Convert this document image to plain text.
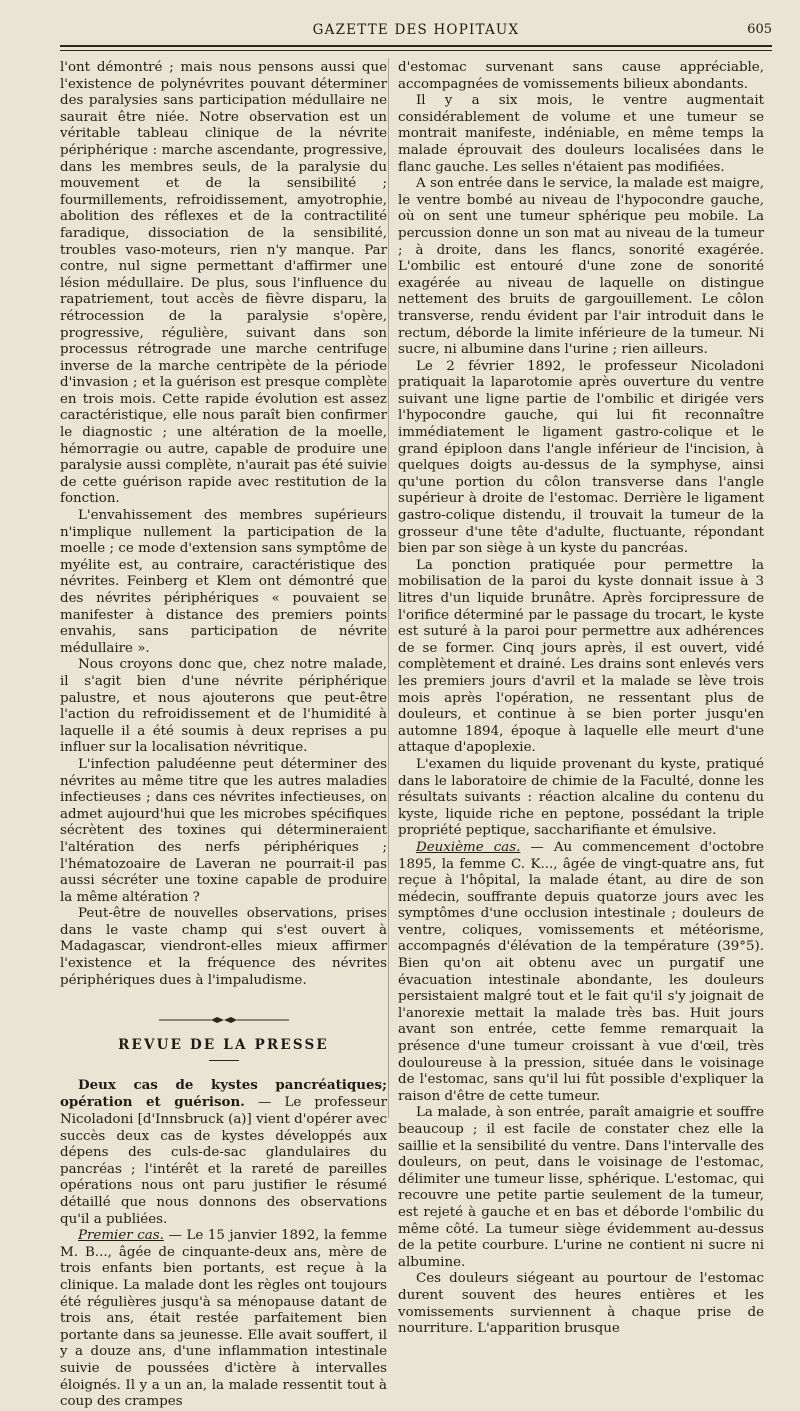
GAZETTE DES HOPITAUX	605

l'ont démontré ; mais nous pensons aussi que l'existence de polynévrites pouvant déterminer des paralysies sans participation médullaire ne saurait être niée. Notre observation est un véritable tableau clinique de la névrite périphérique : marche ascendante, progressive, dans les membres seuls, de la paralysie du mouvement et de la sensibilité ; fourmillements, refroidissement, amyotrophie, abolition des réflexes et de la contractilité faradique, dissociation de la sensibilité, troubles vaso-moteurs, rien n'y manque. Par contre, nul signe permettant d'affirmer une lésion médullaire. De plus, sous l'influence du rapatriement, tout accès de fièvre disparu, la rétrocession de la paralysie s'opère, progressive, régulière, suivant dans son processus rétrograde une marche centrifuge inverse de la marche centripète de la période d'invasion ; et la guérison est presque complète en trois mois. Cette rapide évolution est assez caractéristique, elle nous paraît bien confirmer le diagnostic ; une altération de la moelle, hémorragie ou autre, capable de produire une paralysie aussi complète, n'aurait pas été suivie de cette guérison rapide avec restitution de la fonction.

L'envahissement des membres supérieurs n'implique nullement la participation de la moelle ; ce mode d'extension sans symptôme de myélite est, au contraire, caractéristique des névrites. Feinberg et Klem ont démontré que des névrites périphériques « pouvaient se manifester à distance des premiers points envahis, sans participation de névrite médullaire ».

Nous croyons donc que, chez notre malade, il s'agit bien d'une névrite périphérique palustre, et nous ajouterons que peut-être l'action du refroidissement et de l'humidité à laquelle il a été soumis à deux reprises a pu influer sur la localisation névritique.

L'infection paludéenne peut déterminer des névrites au même titre que les autres maladies infectieuses ; dans ces névrites infectieuses, on admet aujourd'hui que les microbes spécifiques sécrètent des toxines qui détermineraient l'altération des nerfs périphériques ; l'hématozoaire de Laveran ne pourrait-il pas aussi sécréter une toxine capable de produire la même altération ?

Peut-être de nouvelles observations, prises dans le vaste champ qui s'est ouvert à Madagascar, viendront-elles mieux affirmer l'existence et la fréquence des névrites périphériques dues à l'impaludisme.

REVUE DE LA PRESSE

Deux cas de kystes pancréatiques; opération et guérison. — Le professeur Nicoladoni [d'Innsbruck (a)] vient d'opérer avec succès deux cas de kystes développés aux dépens des culs-de-sac glandulaires du pancréas ; l'intérêt et la rareté de pareilles opérations nous ont paru justifier le résumé détaillé que nous donnons des observations qu'il a publiées.

Premier cas. — Le 15 janvier 1892, la femme M. B..., âgée de cinquante-deux ans, mère de trois enfants bien portants, est reçue à la clinique. La malade dont les règles ont toujours été régulières jusqu'à sa ménopause datant de trois ans, était restée parfaitement bien portante dans sa jeunesse. Elle avait souffert, il y a douze ans, d'une inflammation intestinale suivie de poussées d'ictère à intervalles éloignés. Il y a un an, la malade ressentit tout à coup des crampes

d'estomac survenant sans cause appréciable, accompagnées de vomissements bilieux abondants.

Il y a six mois, le ventre augmentait considérablement de volume et une tumeur se montrait manifeste, indéniable, en même temps la malade éprouvait des douleurs localisées dans le flanc gauche. Les selles n'étaient pas modifiées.

A son entrée dans le service, la malade est maigre, le ventre bombé au niveau de l'hypocondre gauche, où on sent une tumeur sphérique peu mobile. La percussion donne un son mat au niveau de la tumeur ; à droite, dans les flancs, sonorité exagérée. L'ombilic est entouré d'une zone de sonorité exagérée au niveau de laquelle on distingue nettement des bruits de gargouillement. Le côlon transverse, rendu évident par l'air introduit dans le rectum, déborde la limite inférieure de la tumeur. Ni sucre, ni albumine dans l'urine ; rien ailleurs.

Le 2 février 1892, le professeur Nicoladoni pratiquait la laparotomie après ouverture du ventre suivant une ligne partie de l'ombilic et dirigée vers l'hypocondre gauche, qui lui fit reconnaître immédiatement le ligament gastro-colique et le grand épiploon dans l'angle inférieur de l'incision, à quelques doigts au-dessus de la symphyse, ainsi qu'une portion du côlon transverse dans l'angle supérieur à droite de l'estomac. Derrière le ligament gastro-colique distendu, il trouvait la tumeur de la grosseur d'une tête d'adulte, fluctuante, répondant bien par son siège à un kyste du pancréas.

La ponction pratiquée pour permettre la mobilisation de la paroi du kyste donnait issue à 3 litres d'un liquide brunâtre. Après forcipressure de l'orifice déterminé par le passage du trocart, le kyste est suturé à la paroi pour permettre aux adhérences de se former. Cinq jours après, il est ouvert, vidé complètement et drainé. Les drains sont enlevés vers les premiers jours d'avril et la malade se lève trois mois après l'opération, ne ressentant plus de douleurs, et continue à se bien porter jusqu'en automne 1894, époque à laquelle elle meurt d'une attaque d'apoplexie.

L'examen du liquide provenant du kyste, pratiqué dans le laboratoire de chimie de la Faculté, donne les résultats suivants : réaction alcaline du contenu du kyste, liquide riche en peptone, possédant la triple propriété peptique, saccharifiante et émulsive.

Deuxième cas. — Au commencement d'octobre 1895, la femme C. K..., âgée de vingt-quatre ans, fut reçue à l'hôpital, la malade étant, au dire de son médecin, souffrante depuis quatorze jours avec les symptômes d'une occlusion intestinale ; douleurs de ventre, coliques, vomissements et météorisme, accompagnés d'élévation de la température (39°5). Bien qu'on ait obtenu avec un purgatif une évacuation intestinale abondante, les douleurs persistaient malgré tout et le fait qu'il s'y joignait de l'anorexie mettait la malade très bas. Huit jours avant son entrée, cette femme remarquait la présence d'une tumeur croissant à vue d'œil, très douloureuse à la pression, située dans le voisinage de l'estomac, sans qu'il lui fût possible d'expliquer la raison d'être de cette tumeur.

La malade, à son entrée, paraît amaigrie et souffre beaucoup ; il est facile de constater chez elle la saillie et la sensibilité du ventre. Dans l'intervalle des douleurs, on peut, dans le voisinage de l'estomac, délimiter une tumeur lisse, sphérique. L'estomac, qui recouvre une petite partie seulement de la tumeur, est rejeté à gauche et en bas et déborde l'ombilic du même côté. La tumeur siège évidemment au-dessus de la petite courbure. L'urine ne contient ni sucre ni albumine.

Ces douleurs siégeant au pourtour de l'estomac durent souvent des heures entières et les vomissements surviennent à chaque prise de nourriture. L'apparition brusque
